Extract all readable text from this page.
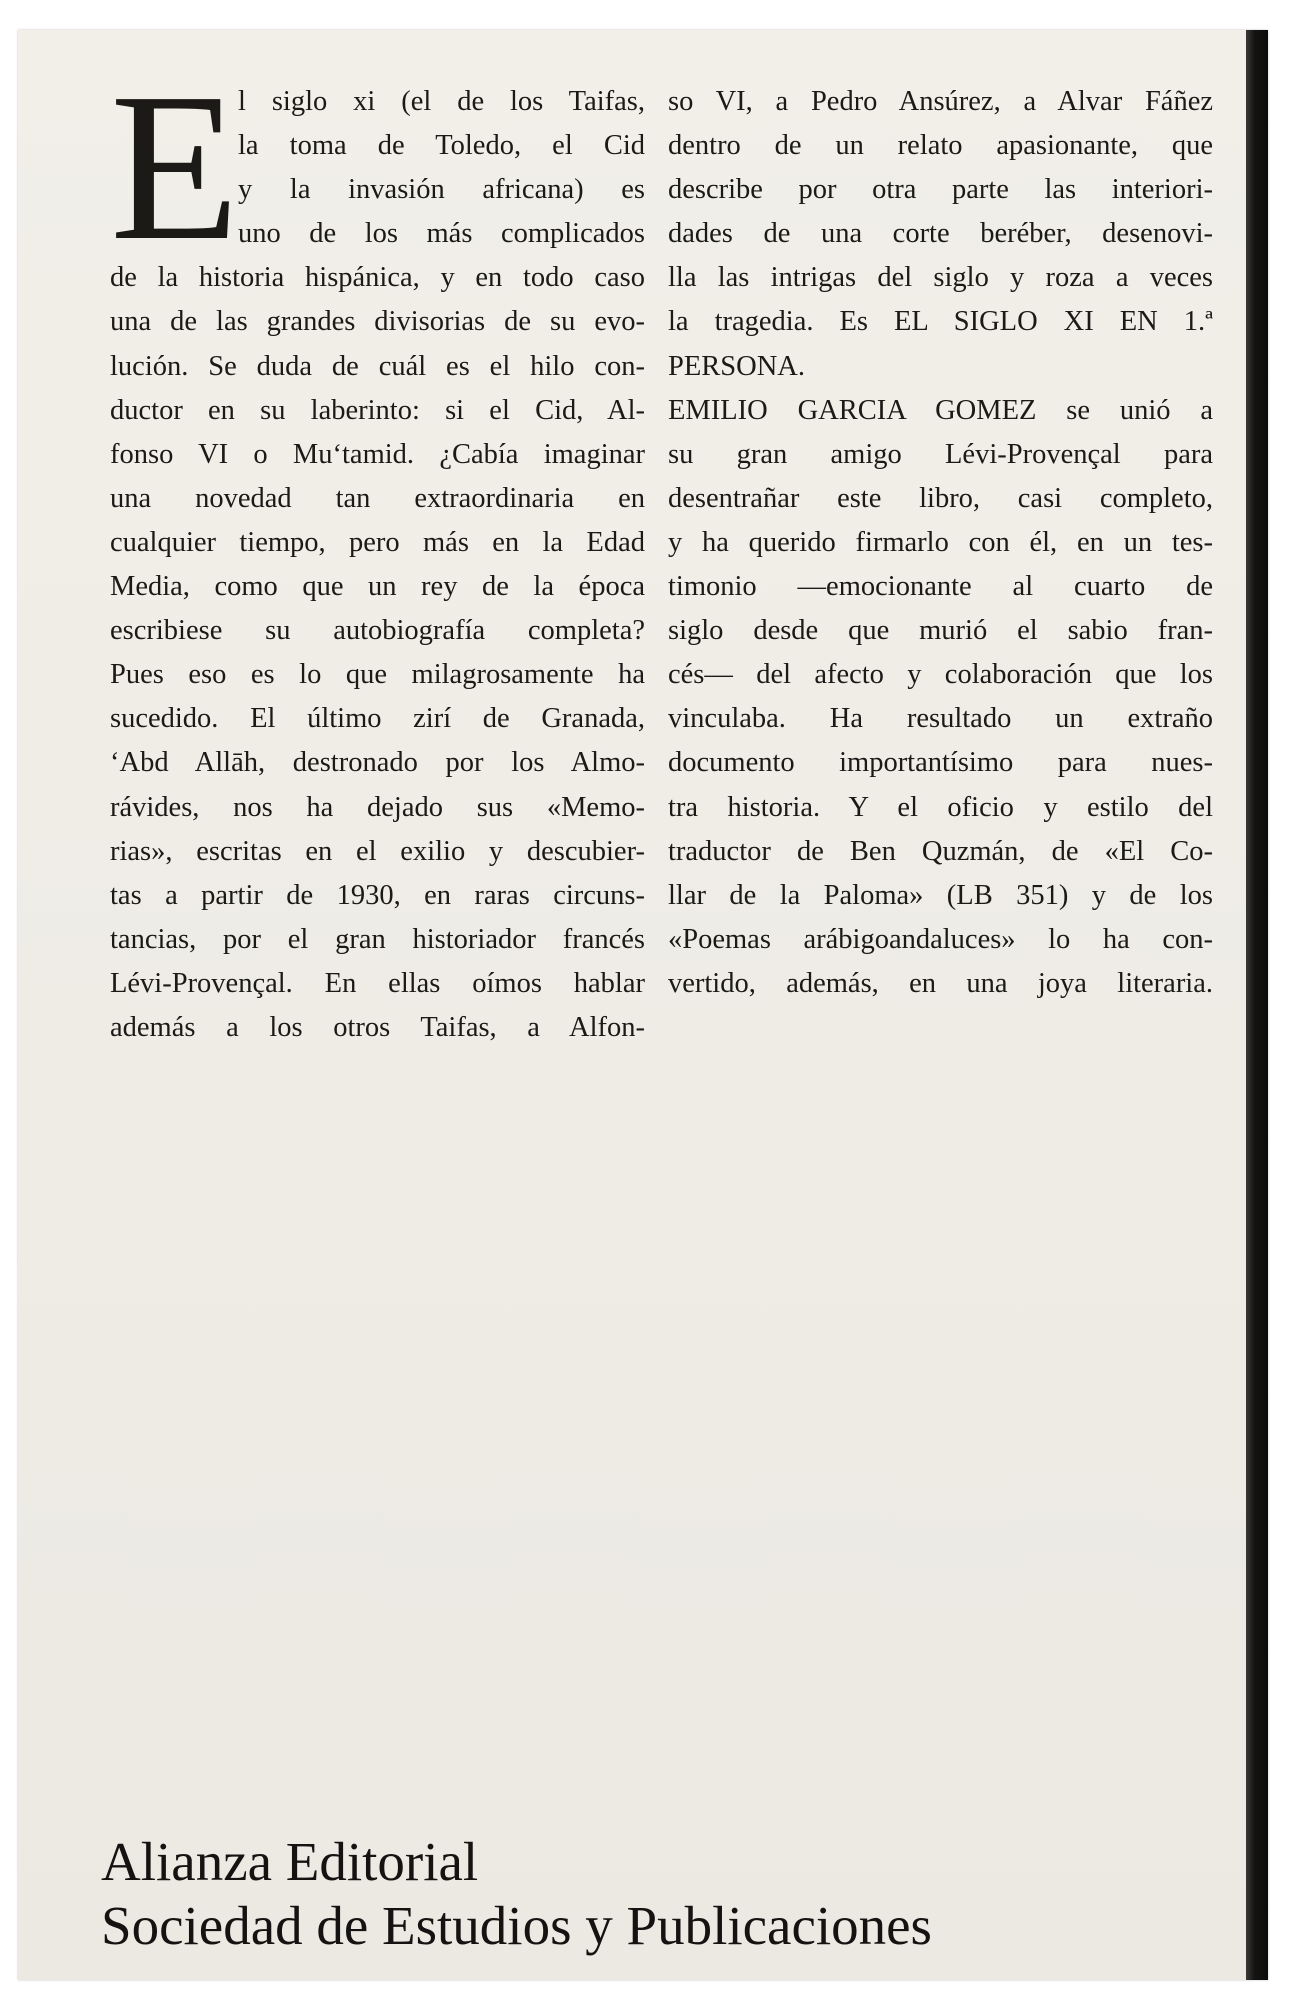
E
l siglo xi (el de los Taifas,
la toma de Toledo, el Cid
y la invasión africana) es
uno de los más complicados
de la historia hispánica, y en todo caso
una de las grandes divisorias de su evo-
lución. Se duda de cuál es el hilo con-
ductor en su laberinto: si el Cid, Al-
fonso VI o Mu‘tamid. ¿Cabía imaginar
una novedad tan extraordinaria en
cualquier tiempo, pero más en la Edad
Media, como que un rey de la época
escribiese su autobiografía completa?
Pues eso es lo que milagrosamente ha
sucedido. El último zirí de Granada,
‘Abd Allāh, destronado por los Almo-
rávides, nos ha dejado sus «Memo-
rias», escritas en el exilio y descubier-
tas a partir de 1930, en raras circuns-
tancias, por el gran historiador francés
Lévi-Provençal. En ellas oímos hablar
además a los otros Taifas, a Alfon-
so VI, a Pedro Ansúrez, a Alvar Fáñez
dentro de un relato apasionante, que
describe por otra parte las interiori-
dades de una corte beréber, desenovi-
lla las intrigas del siglo y roza a veces
la tragedia. Es EL SIGLO XI EN 1.ª
PERSONA.
EMILIO GARCIA GOMEZ se unió a
su gran amigo Lévi-Provençal para
desentrañar este libro, casi completo,
y ha querido firmarlo con él, en un tes-
timonio —emocionante al cuarto de
siglo desde que murió el sabio fran-
cés— del afecto y colaboración que los
vinculaba. Ha resultado un extraño
documento importantísimo para nues-
tra historia. Y el oficio y estilo del
traductor de Ben Quzmán, de «El Co-
llar de la Paloma» (LB 351) y de los
«Poemas arábigoandaluces» lo ha con-
vertido, además, en una joya literaria.
Alianza Editorial
Sociedad de Estudios y Publicaciones
